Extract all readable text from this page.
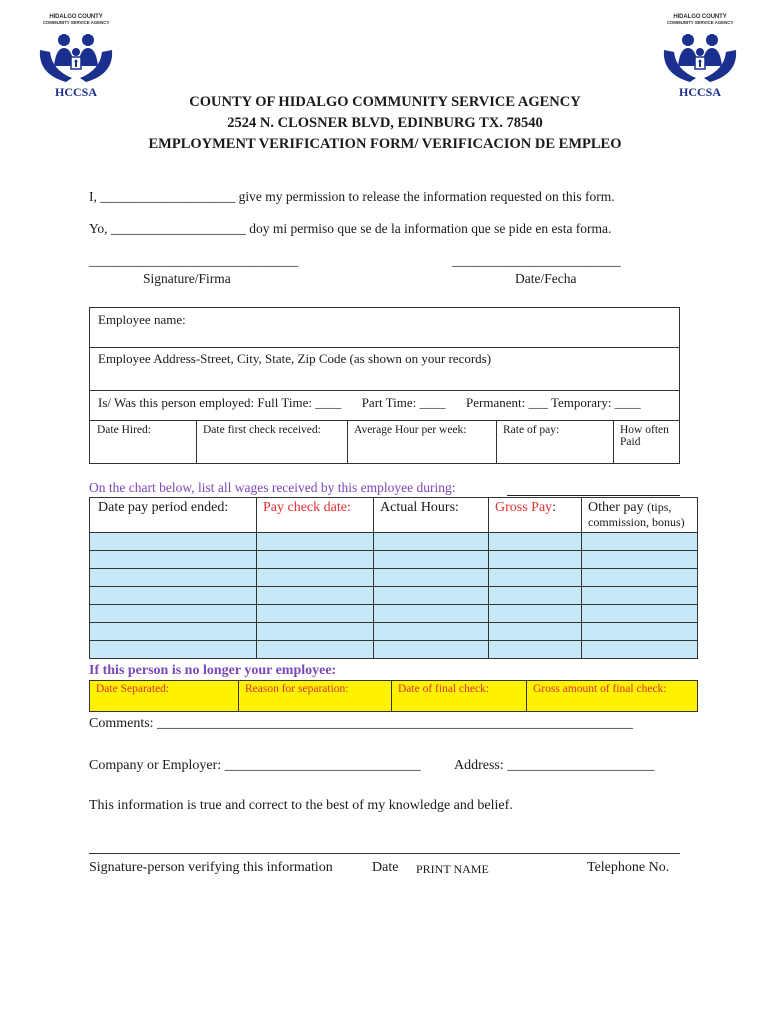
HIDALGO COUNTY
COMMUNITY SERVICE AGENCY
HCCSA
HIDALGO COUNTY
COMMUNITY SERVICE AGENCY
HCCSA
COUNTY OF HIDALGO COMMUNITY SERVICE AGENCY
2524 N. CLOSNER BLVD, EDINBURG TX. 78540
EMPLOYMENT VERIFICATION FORM/ VERIFICACION DE EMPLEO
I, ____________________ give my permission to release the information requested on this form.
Yo, ____________________ doy mi permiso que se de la information que se pide en esta forma.
_______________________________	_________________________
Signature/Firma	Date/Fecha
Employee name:
Employee Address-Street, City, State, Zip Code (as shown on your records)
Is/ Was this person employed: Full Time: ____ Part Time: ____ Permanent: ___ Temporary: ____
Date Hired:	Date first check received:	Average Hour per week:	Rate of pay:	How often Paid
On the chart below, list all wages received by this employee during:
Date pay period ended:	Pay check date:	Actual Hours:	Gross Pay:	Other pay (tips,
commission, bonus)

If this person is no longer your employee:
Date Separated:	Reason for separation:	Date of final check:	Gross amount of final check:
Comments: ____________________________________________________________________
Company or Employer: ____________________________ Address: _____________________
This information is true and correct to the best of my knowledge and belief.
Signature-person verifying this information	Date PRINT NAME	Telephone No.
